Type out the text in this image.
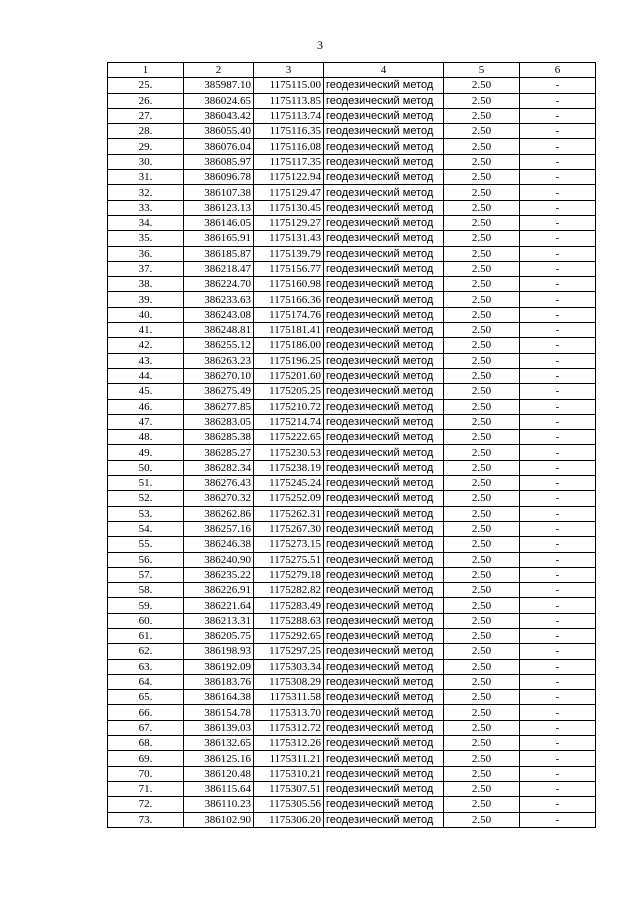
3
1	2	3	4	5	6
25.	385987.10	1175115.00	геодезический метод	2.50	-
26.	386024.65	1175113.85	геодезический метод	2.50	-
27.	386043.42	1175113.74	геодезический метод	2.50	-
28.	386055.40	1175116.35	геодезический метод	2.50	-
29.	386076.04	1175116.08	геодезический метод	2.50	-
30.	386085.97	1175117.35	геодезический метод	2.50	-
31.	386096.78	1175122.94	геодезический метод	2.50	-
32.	386107.38	1175129.47	геодезический метод	2.50	-
33.	386123.13	1175130.45	геодезический метод	2.50	-
34.	386146.05	1175129.27	геодезический метод	2.50	-
35.	386165.91	1175131.43	геодезический метод	2.50	-
36.	386185.87	1175139.79	геодезический метод	2.50	-
37.	386218.47	1175156.77	геодезический метод	2.50	-
38.	386224.70	1175160.98	геодезический метод	2.50	-
39.	386233.63	1175166.36	геодезический метод	2.50	-
40.	386243.08	1175174.76	геодезический метод	2.50	-
41.	386248.81	1175181.41	геодезический метод	2.50	-
42.	386255.12	1175186.00	геодезический метод	2.50	-
43.	386263.23	1175196.25	геодезический метод	2.50	-
44.	386270.10	1175201.60	геодезический метод	2.50	-
45.	386275.49	1175205.25	геодезический метод	2.50	-
46.	386277.85	1175210.72	геодезический метод	2.50	-
47.	386283.05	1175214.74	геодезический метод	2.50	-
48.	386285.38	1175222.65	геодезический метод	2.50	-
49.	386285.27	1175230.53	геодезический метод	2.50	-
50.	386282.34	1175238.19	геодезический метод	2.50	-
51.	386276.43	1175245.24	геодезический метод	2.50	-
52.	386270.32	1175252.09	геодезический метод	2.50	-
53.	386262.86	1175262.31	геодезический метод	2.50	-
54.	386257.16	1175267.30	геодезический метод	2.50	-
55.	386246.38	1175273.15	геодезический метод	2.50	-
56.	386240.90	1175275.51	геодезический метод	2.50	-
57.	386235.22	1175279.18	геодезический метод	2.50	-
58.	386226.91	1175282.82	геодезический метод	2.50	-
59.	386221.64	1175283.49	геодезический метод	2.50	-
60.	386213.31	1175288.63	геодезический метод	2.50	-
61.	386205.75	1175292.65	геодезический метод	2.50	-
62.	386198.93	1175297.25	геодезический метод	2.50	-
63.	386192.09	1175303.34	геодезический метод	2.50	-
64.	386183.76	1175308.29	геодезический метод	2.50	-
65.	386164.38	1175311.58	геодезический метод	2.50	-
66.	386154.78	1175313.70	геодезический метод	2.50	-
67.	386139.03	1175312.72	геодезический метод	2.50	-
68.	386132.65	1175312.26	геодезический метод	2.50	-
69.	386125.16	1175311.21	геодезический метод	2.50	-
70.	386120.48	1175310.21	геодезический метод	2.50	-
71.	386115.64	1175307.51	геодезический метод	2.50	-
72.	386110.23	1175305.56	геодезический метод	2.50	-
73.	386102.90	1175306.20	геодезический метод	2.50	-
